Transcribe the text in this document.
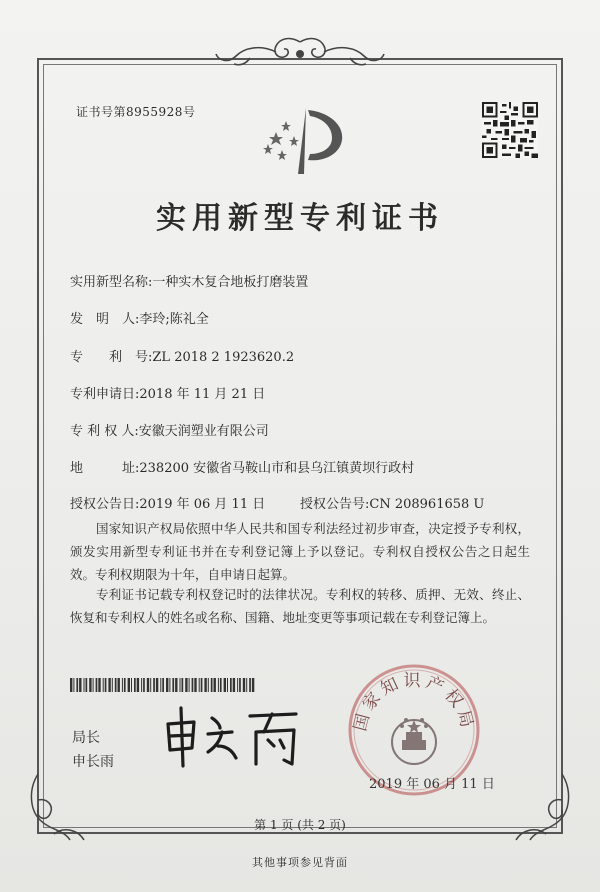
证书号第8955928号
实用新型专利证书
实用新型名称:一种实木复合地板打磨装置
发　明　人:李玲;陈礼全
专　　利　号:ZL 2018 2 1923620.2
专利申请日:2018 年 11 月 21 日
专 利 权 人:安徽天润塑业有限公司
地　　　址:238200 安徽省马鞍山市和县乌江镇黄坝行政村
授权公告日:2019 年 06 月 11 日	授权公告号:CN 208961658 U

国家知识产权局依照中华人民共和国专利法经过初步审查，决定授予专利权，颁发实用新型专利证书并在专利登记簿上予以登记。专利权自授权公告之日起生效。专利权期限为十年，自申请日起算。

专利证书记载专利权登记时的法律状况。专利权的转移、质押、无效、终止、恢复和专利权人的姓名或名称、国籍、地址变更等事项记载在专利登记簿上。

局长
申长雨
国家知识产权局
2019 年 06 月 11 日
第 1 页 (共 2 页)
其他事项参见背面
